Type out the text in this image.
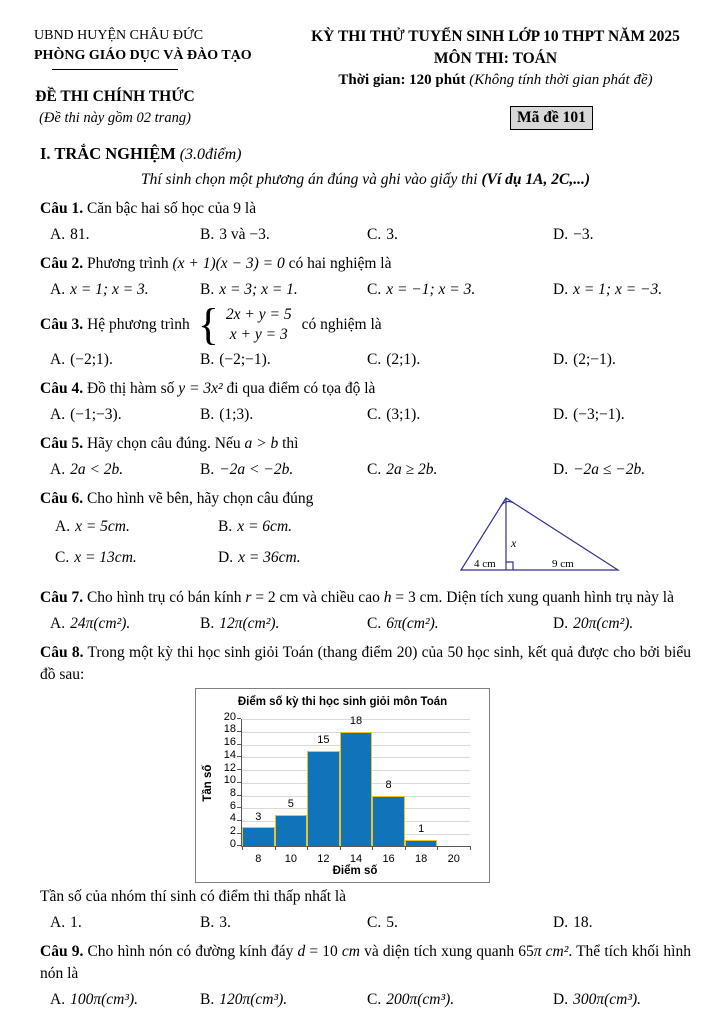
UBND HUYỆN CHÂU ĐỨC
PHÒNG GIÁO DỤC VÀ ĐÀO TẠO
ĐỀ THI CHÍNH THỨC
(Đề thi này gồm 02 trang)
KỲ THI THỬ TUYỂN SINH LỚP 10 THPT NĂM 2025
MÔN THI: TOÁN
Thời gian: 120 phút (Không tính thời gian phát đề)
Mã đề 101
I. TRẮC NGHIỆM (3.0điểm)
Thí sinh chọn một phương án đúng và ghi vào giấy thi (Ví dụ 1A, 2C,...)

Câu 1. Căn bậc hai số học của 9 là

A. 81.	B. 3 và −3.	C. 3.	D. −3.

Câu 2. Phương trình (x + 1)(x − 3) = 0 có hai nghiệm là

A. x = 1; x = 3.	B. x = 3; x = 1.	C. x = −1; x = 3.	D. x = 1; x = −3.
Câu 3. Hệ phương trình { 2x + y = 5
x + y = 3
có nghiệm là
A. (−2;1).	B. (−2;−1).	C. (2;1).	D. (2;−1).

Câu 4. Đồ thị hàm số y = 3x² đi qua điểm có tọa độ là

A. (−1;−3).	B. (1;3).	C. (3;1).	D. (−3;−1).

Câu 5. Hãy chọn câu đúng. Nếu a > b thì

A. 2a < 2b.	B. −2a < −2b.	C. 2a ≥ 2b.	D. −2a ≤ −2b.

Câu 6. Cho hình vẽ bên, hãy chọn câu đúng

A. x = 5cm.	B. x = 6cm.
C. x = 13cm.	D. x = 36cm.	4 cm	9 cm
x

Câu 7. Cho hình trụ có bán kính r = 2 cm và chiều cao h = 3 cm. Diện tích xung quanh hình trụ này là

A. 24π(cm²).	B. 12π(cm²).	C. 6π(cm²).	D. 20π(cm²).

Câu 8. Trong một kỳ thi học sinh giỏi Toán (thang điểm 20) của 50 học sinh, kết quả được cho bởi biểu đồ sau:

Điểm số kỳ thi học sinh giỏi môn Toán
Tần số
0
2
4
6
8
10
12
14
16
18
20
3
5
15
18
8
1
8 10 12 14 16 18 20
Điểm số

Tần số của nhóm thí sinh có điểm thi thấp nhất là

A. 1.	B. 3.	C. 5.	D. 18.

Câu 9. Cho hình nón có đường kính đáy d = 10 cm và diện tích xung quanh 65π cm². Thể tích khối hình nón là

A. 100π(cm³).	B. 120π(cm³).	C. 200π(cm³).	D. 300π(cm³).
